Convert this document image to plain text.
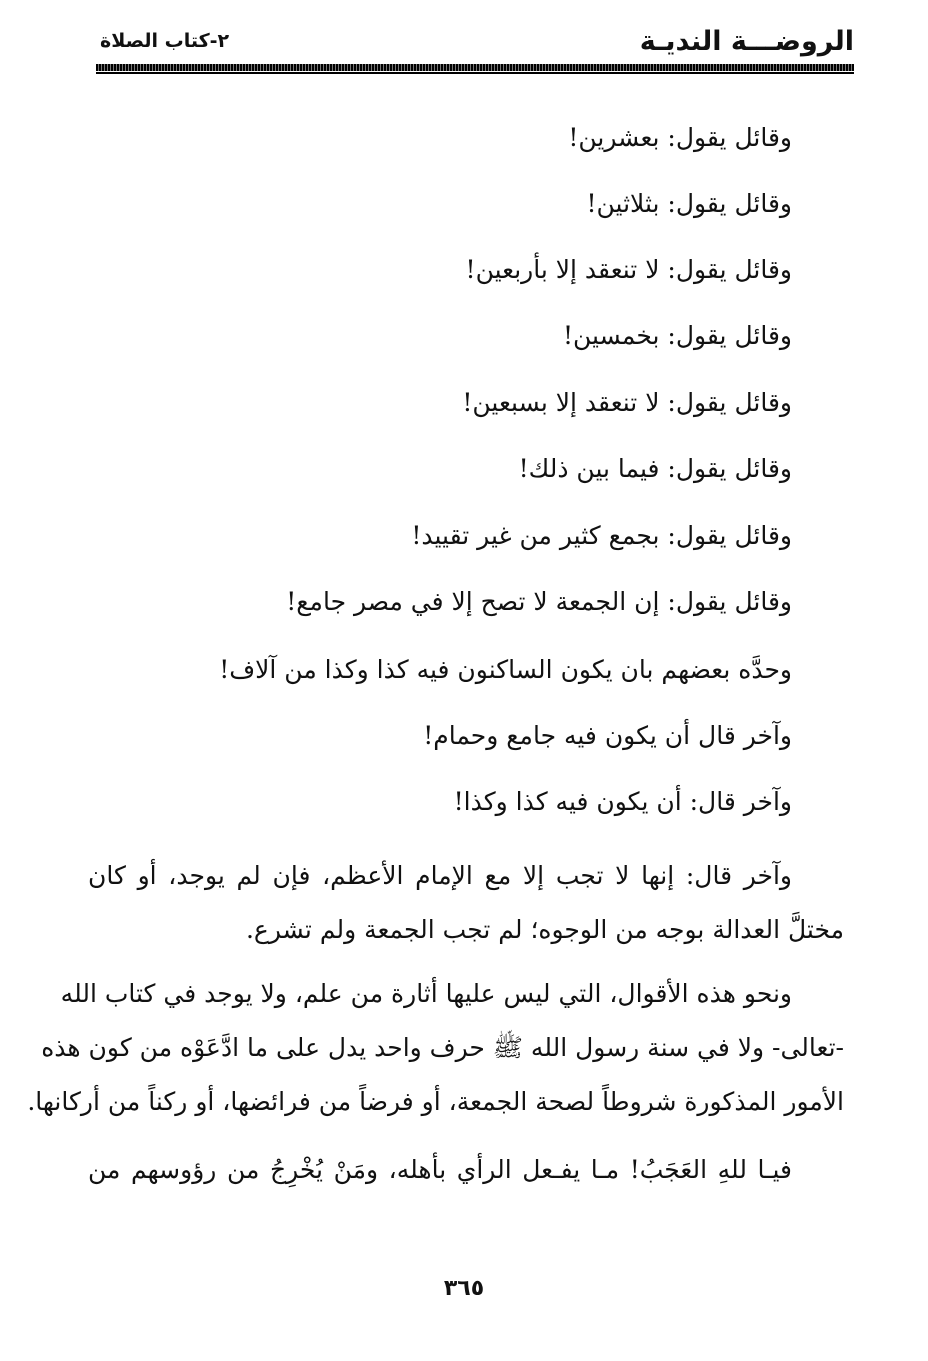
الروضـــة النديـة
٢-كتاب الصلاة
وقائل يقول: بعشرين!
وقائل يقول: بثلاثين!
وقائل يقول: لا تنعقد إلا بأربعين!
وقائل يقول: بخمسين!
وقائل يقول: لا تنعقد إلا بسبعين!
وقائل يقول: فيما بين ذلك!
وقائل يقول: بجمع كثير من غير تقييد!
وقائل يقول: إن الجمعة لا تصح إلا في مصر جامع!
وحدَّه بعضهم بان يكون الساكنون فيه كذا وكذا من آلاف!
وآخر قال أن يكون فيه جامع وحمام!
وآخر قال: أن يكون فيه كذا وكذا!
وآخر قال: إنها لا تجب إلا مع الإمام الأعظم، فإن لم يوجد، أو كان
مختلَّ العدالة بوجه من الوجوه؛ لم تجب الجمعة ولم تشرع.
ونحو هذه الأقوال، التي ليس عليها أثارة من علم، ولا يوجد في كتاب الله
-تعالى- ولا في سنة رسول الله ﷺ حرف واحد يدل على ما ادَّعَوْه من كون هذه
الأمور المذكورة شروطاً لصحة الجمعة، أو فرضاً من فرائضها، أو ركناً من أركانها.
فيـا للهِ العَجَبُ! مـا يفـعل الرأي بأهله، ومَنْ يُخْرِجُ من رؤوسهم من
٣٦٥
